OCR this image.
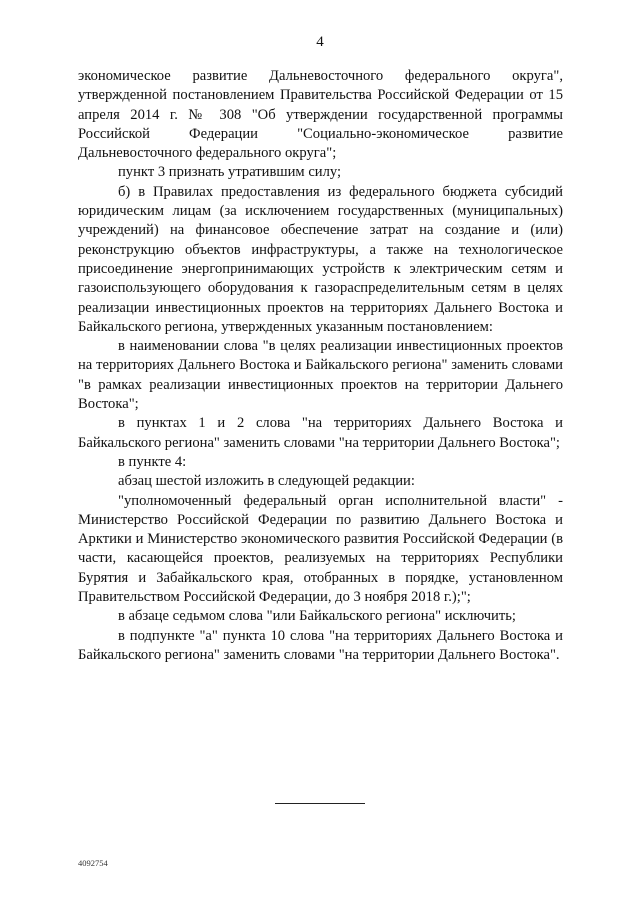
4

экономическое развитие Дальневосточного федерального округа", утвержденной постановлением Правительства Российской Федерации от 15 апреля 2014 г. № 308 "Об утверждении государственной программы Российской Федерации "Социально-экономическое развитие Дальневосточного федерального округа";

пункт 3 признать утратившим силу;

б) в Правилах предоставления из федерального бюджета субсидий юридическим лицам (за исключением государственных (муниципальных) учреждений) на финансовое обеспечение затрат на создание и (или) реконструкцию объектов инфраструктуры, а также на технологическое присоединение энергопринимающих устройств к электрическим сетям и газоиспользующего оборудования к газораспределительным сетям в целях реализации инвестиционных проектов на территориях Дальнего Востока и Байкальского региона, утвержденных указанным постановлением:

в наименовании слова "в целях реализации инвестиционных проектов на территориях Дальнего Востока и Байкальского региона" заменить словами "в рамках реализации инвестиционных проектов на территории Дальнего Востока";

в пунктах 1 и 2 слова "на территориях Дальнего Востока и Байкальского региона" заменить словами "на территории Дальнего Востока";

в пункте 4:

абзац шестой изложить в следующей редакции:

"уполномоченный федеральный орган исполнительной власти" - Министерство Российской Федерации по развитию Дальнего Востока и Арктики и Министерство экономического развития Российской Федерации (в части, касающейся проектов, реализуемых на территориях Республики Бурятия и Забайкальского края, отобранных в порядке, установленном Правительством Российской Федерации, до 3 ноября 2018 г.);";

в абзаце седьмом слова "или Байкальского региона" исключить;

в подпункте "а" пункта 10 слова "на территориях Дальнего Востока и Байкальского региона" заменить словами "на территории Дальнего Востока".

4092754
